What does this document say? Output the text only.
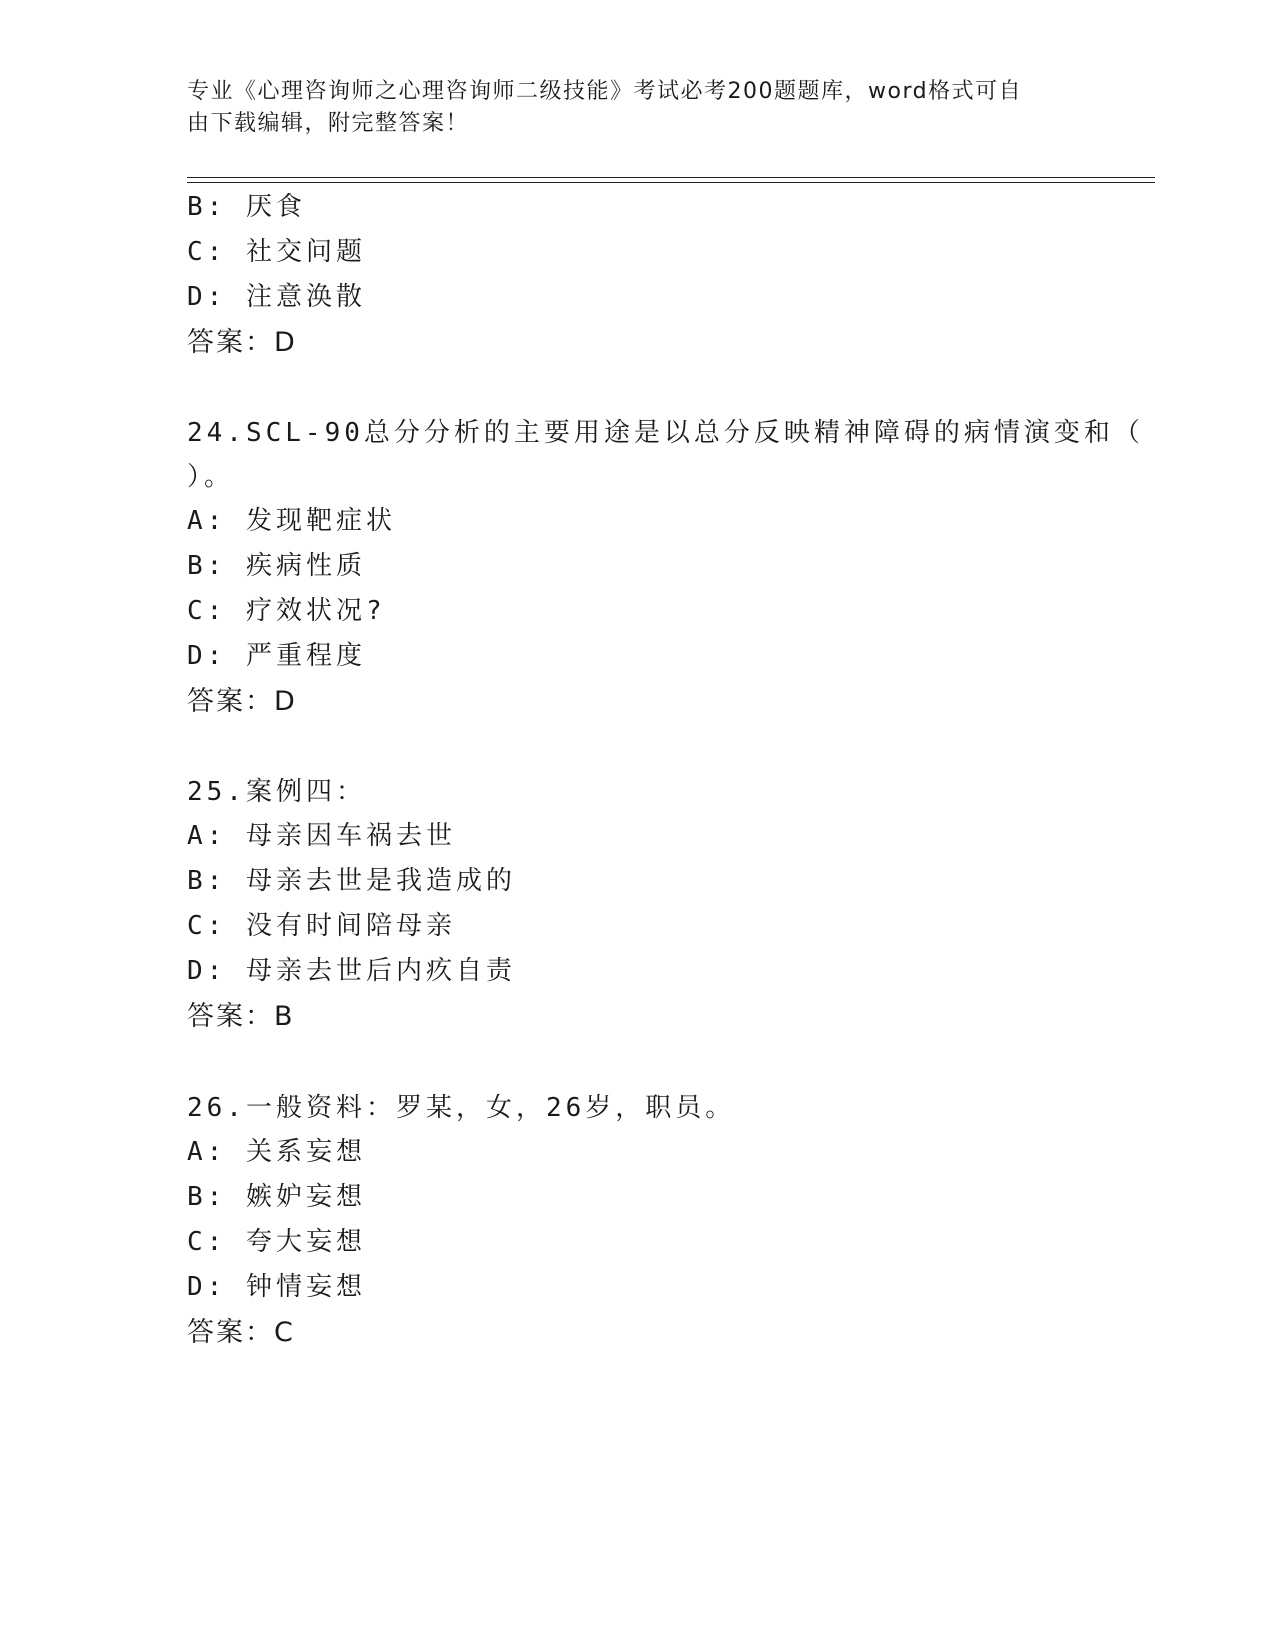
专业《心理咨询师之心理咨询师二级技能》考试必考200题题库，word格式可自
由下载编辑，附完整答案！
B: 厌食
C: 社交问题
D: 注意涣散
答案：D
24.SCL-90总分分析的主要用途是以总分反映精神障碍的病情演变和（
）。
A: 发现靶症状
B: 疾病性质
C: 疗效状况?
D: 严重程度
答案：D
25.案例四：
A: 母亲因车祸去世
B: 母亲去世是我造成的
C: 没有时间陪母亲
D: 母亲去世后内疚自责
答案：B
26.一般资料：罗某，女，26岁，职员。
A: 关系妄想
B: 嫉妒妄想
C: 夸大妄想
D: 钟情妄想
答案：C
